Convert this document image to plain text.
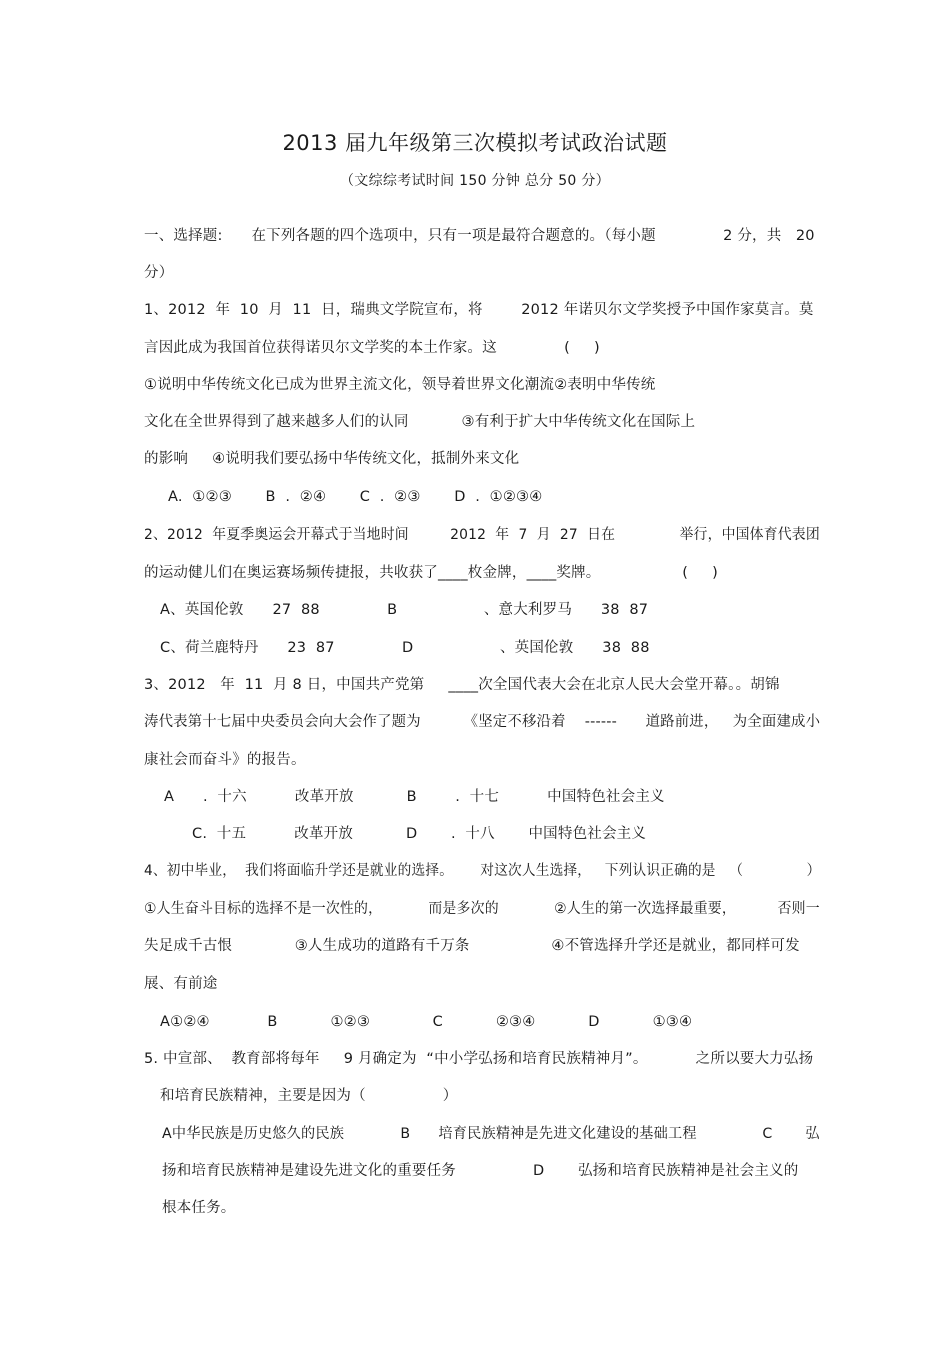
2013 届九年级第三次模拟考试政治试题
（文综综考试时间 150 分钟 总分 50 分）
一、选择题:      在下列各题的四个选项中，只有一项是最符合题意的。（每小题              2 分，共   20
分）
1、2012  年  10  月  11  日，瑞典文学院宣布，将        2012 年诺贝尔文学奖授予中国作家莫言。莫
言因此成为我国首位获得诺贝尔文学奖的本土作家。这              (     )
①说明中华传统文化已成为世界主流文化，领导着世界文化潮流②表明中华传统
文化在全世界得到了越来越多人们的认同           ③有利于扩大中华传统文化在国际上
的影响     ④说明我们要弘扬中华传统文化，抵制外来文化
A.  ①②③       B  .  ②④       C  .  ②③       D  .  ①②③④
2、2012  年夏季奥运会开幕式于当地时间         2012  年  7  月  27  日在              举行，中国体育代表团
的运动健儿们在奥运赛场频传捷报，共收获了____枚金牌，____奖牌。                 (     )
A、英国伦敦      27  88              B                  、意大利罗马      38  87
C、荷兰鹿特丹      23  87              D                  、英国伦敦      38  88
3、2012   年  11  月 8 日，中国共产党第     ____次全国代表大会在北京人民大会堂开幕。。胡锦
涛代表第十七届中央委员会向大会作了题为         《坚定不移沿着    ------      道路前进，   为全面建成小
康社会而奋斗》的报告。
A      .  十六          改革开放           B        .  十七          中国特色社会主义
C.  十五          改革开放           D       .  十八       中国特色社会主义
4、初中毕业，  我们将面临升学还是就业的选择。      对这次人生选择，   下列认识正确的是   （              ）
①人生奋斗目标的选择不是一次性的，          而是多次的            ②人生的第一次选择最重要，         否则一
失足成千古恨             ③人生成功的道路有千万条                 ④不管选择升学还是就业，都同样可发
展、有前途
A①②④            B           ①②③             C           ②③④           D           ①③④
5. 中宣部、  教育部将每年     9 月确定为  “中小学弘扬和培育民族精神月”。          之所以要大力弘扬
和培育民族精神，主要是因为（                ）
A中华民族是历史悠久的民族            B      培育民族精神是先进文化建设的基础工程              C       弘
扬和培育民族精神是建设先进文化的重要任务                D       弘扬和培育民族精神是社会主义的
根本任务。
